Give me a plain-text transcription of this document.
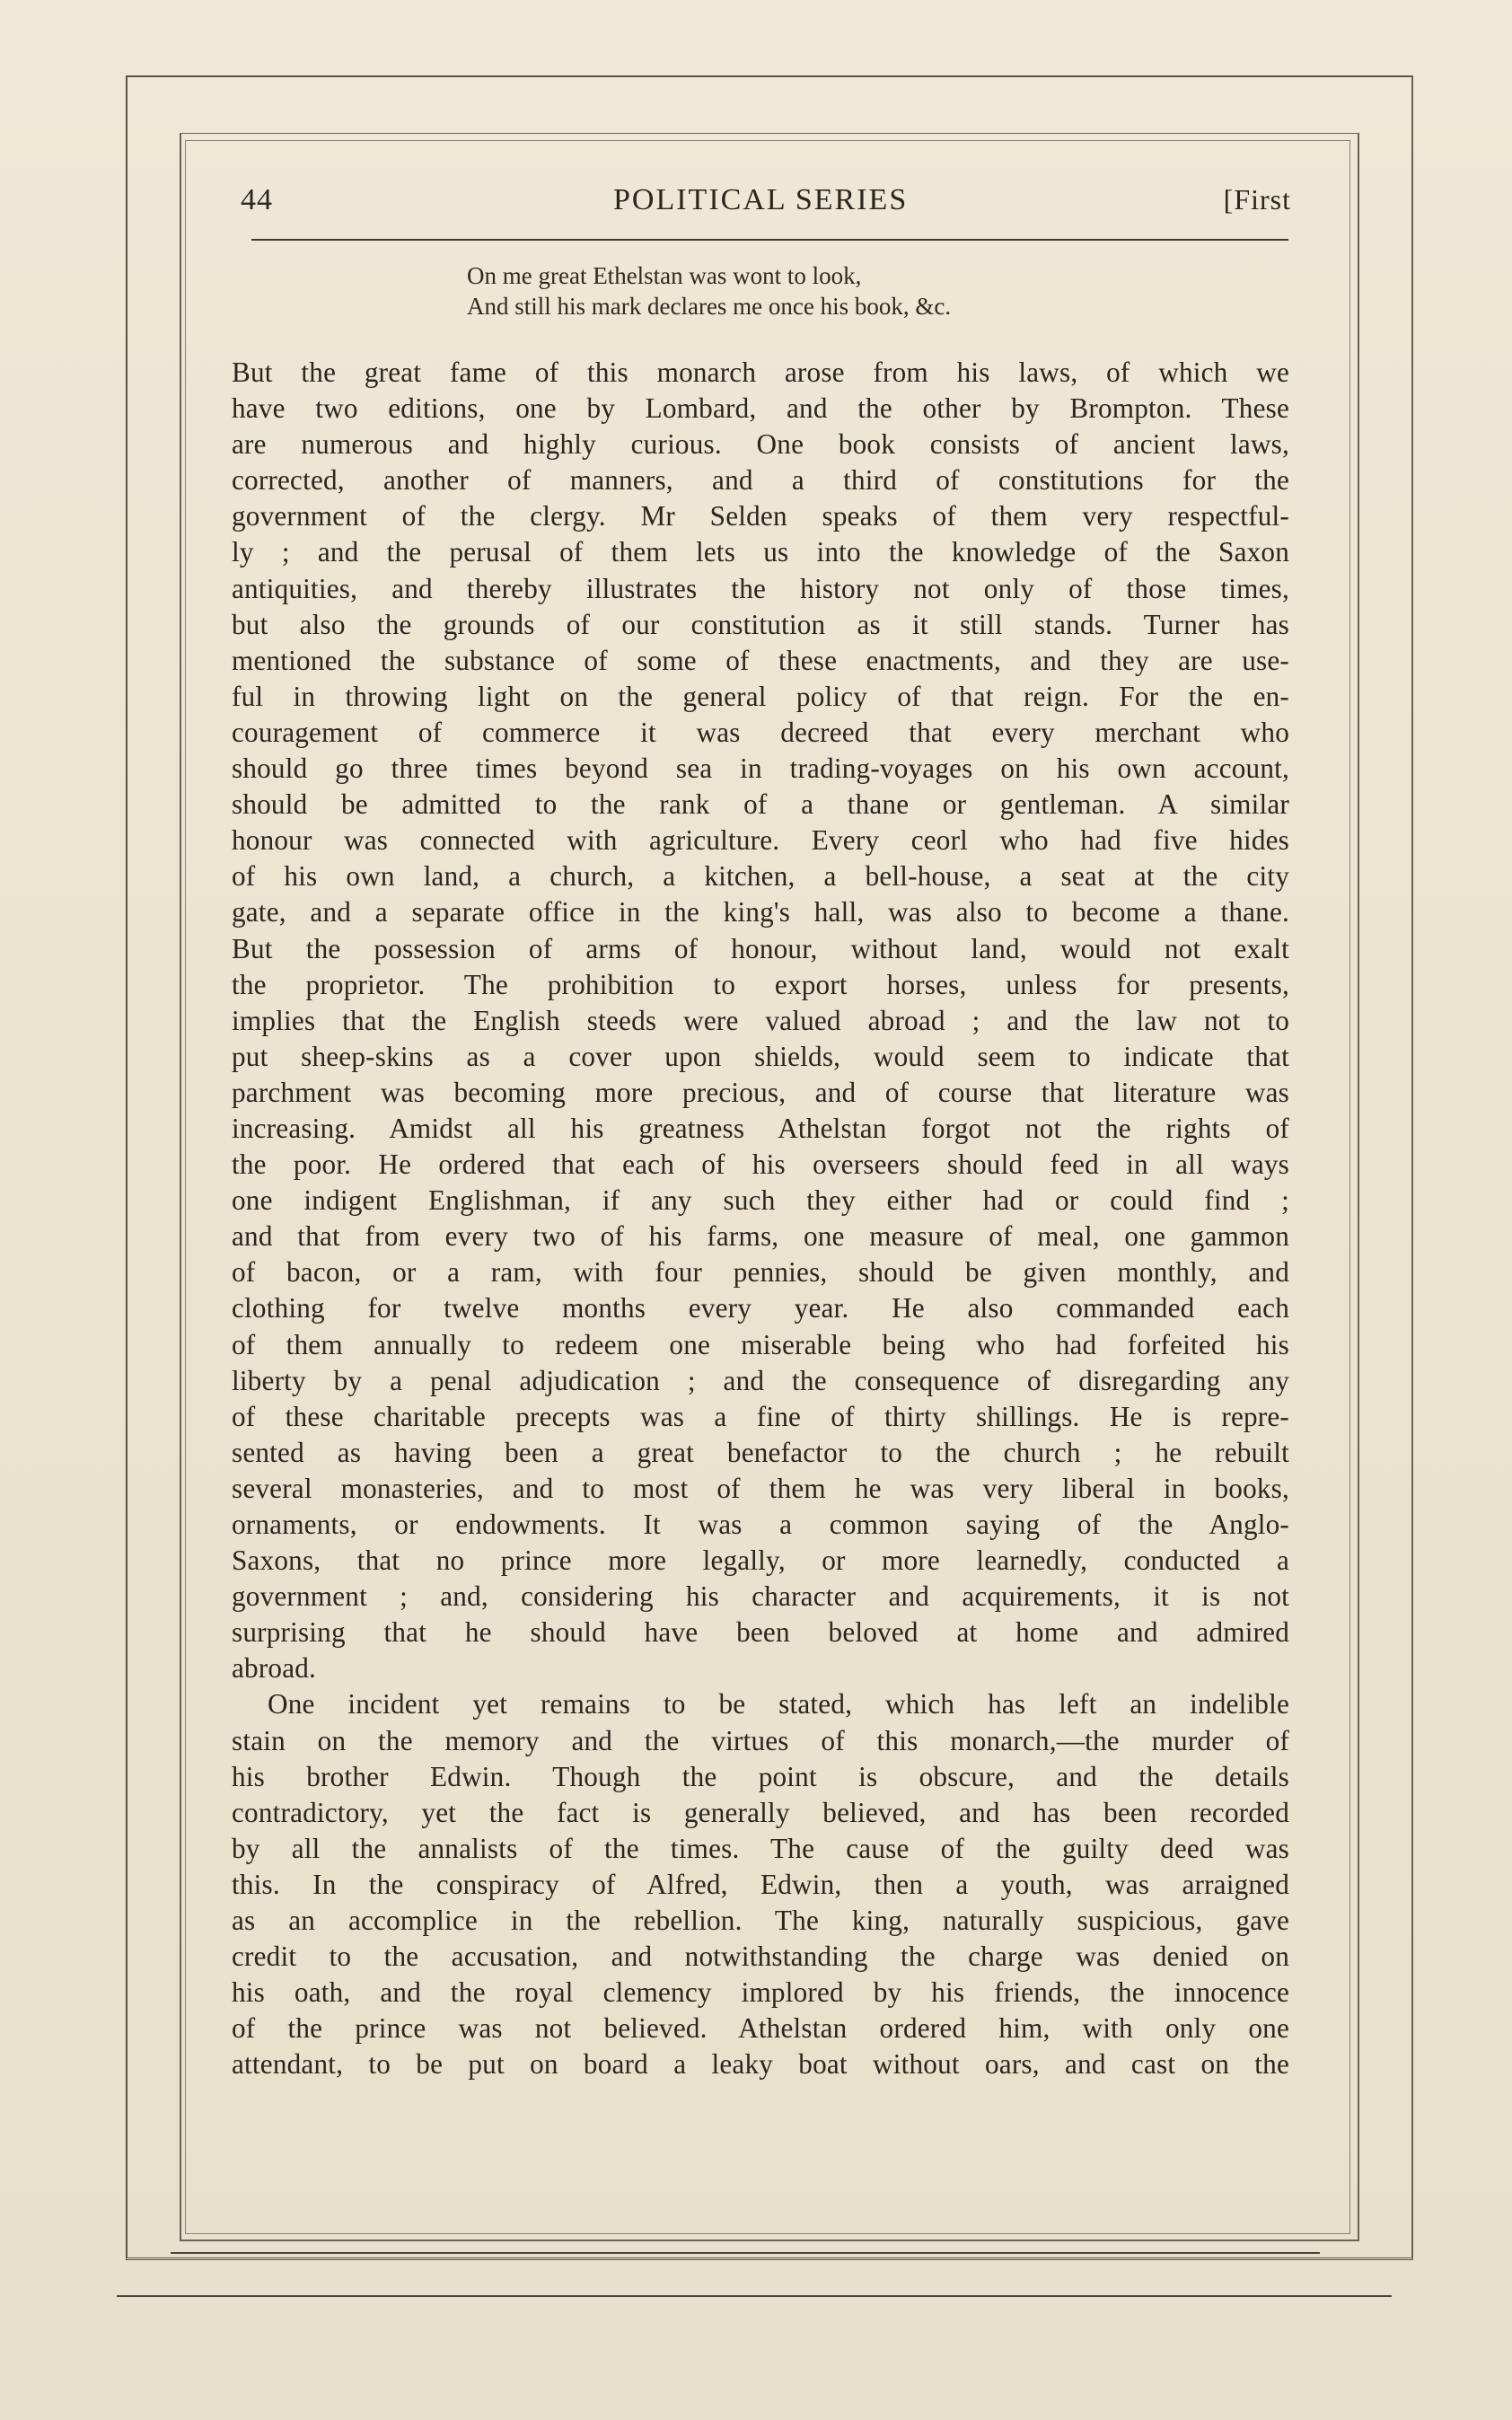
44	POLITICAL SERIES	[First
On me great Ethelstan was wont to look,
And still his mark declares me once his book, &c.
But the great fame of this monarch arose from his laws, of which we
have two editions, one by Lombard, and the other by Brompton. These
are numerous and highly curious. One book consists of ancient laws,
corrected, another of manners, and a third of constitutions for the
government of the clergy. Mr Selden speaks of them very respectful-
ly ; and the perusal of them lets us into the knowledge of the Saxon
antiquities, and thereby illustrates the history not only of those times,
but also the grounds of our constitution as it still stands. Turner has
mentioned the substance of some of these enactments, and they are use-
ful in throwing light on the general policy of that reign. For the en-
couragement of commerce it was decreed that every merchant who
should go three times beyond sea in trading-voyages on his own account,
should be admitted to the rank of a thane or gentleman. A similar
honour was connected with agriculture. Every ceorl who had five hides
of his own land, a church, a kitchen, a bell-house, a seat at the city
gate, and a separate office in the king's hall, was also to become a thane.
But the possession of arms of honour, without land, would not exalt
the proprietor. The prohibition to export horses, unless for presents,
implies that the English steeds were valued abroad ; and the law not to
put sheep-skins as a cover upon shields, would seem to indicate that
parchment was becoming more precious, and of course that literature was
increasing. Amidst all his greatness Athelstan forgot not the rights of
the poor. He ordered that each of his overseers should feed in all ways
one indigent Englishman, if any such they either had or could find ;
and that from every two of his farms, one measure of meal, one gammon
of bacon, or a ram, with four pennies, should be given monthly, and
clothing for twelve months every year. He also commanded each
of them annually to redeem one miserable being who had forfeited his
liberty by a penal adjudication ; and the consequence of disregarding any
of these charitable precepts was a fine of thirty shillings. He is repre-
sented as having been a great benefactor to the church ; he rebuilt
several monasteries, and to most of them he was very liberal in books,
ornaments, or endowments. It was a common saying of the Anglo-
Saxons, that no prince more legally, or more learnedly, conducted a
government ; and, considering his character and acquirements, it is not
surprising that he should have been beloved at home and admired
abroad.
One incident yet remains to be stated, which has left an indelible
stain on the memory and the virtues of this monarch,—the murder of
his brother Edwin. Though the point is obscure, and the details
contradictory, yet the fact is generally believed, and has been recorded
by all the annalists of the times. The cause of the guilty deed was
this. In the conspiracy of Alfred, Edwin, then a youth, was arraigned
as an accomplice in the rebellion. The king, naturally suspicious, gave
credit to the accusation, and notwithstanding the charge was denied on
his oath, and the royal clemency implored by his friends, the innocence
of the prince was not believed. Athelstan ordered him, with only one
attendant, to be put on board a leaky boat without oars, and cast on the
